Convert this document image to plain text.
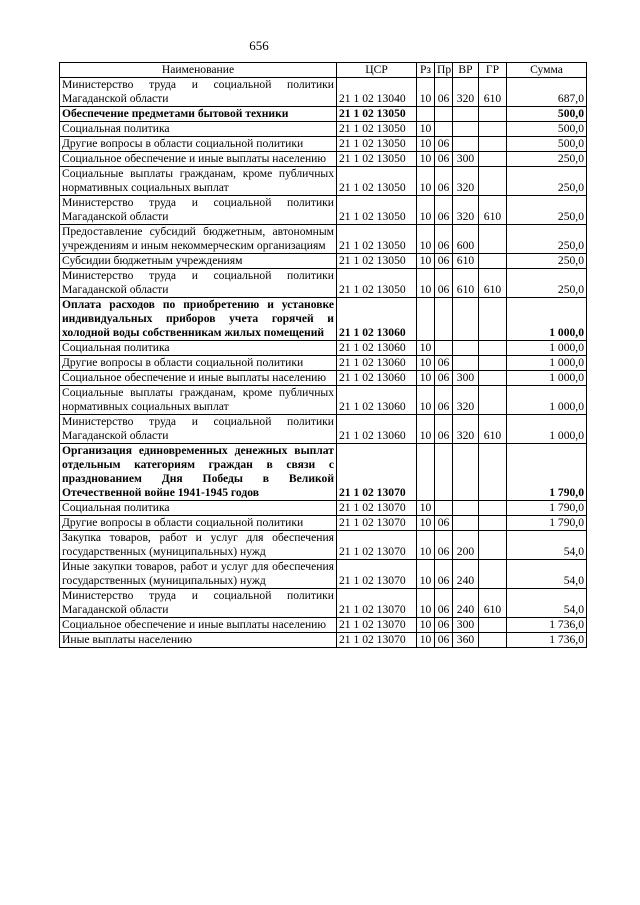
656
Наименование	ЦСР	Рз	Пр	ВР	ГР	Сумма
Министерство труда и социальной политики Магаданской области	21 1 02 13040	10	06	320	610	687,0
Обеспечение предметами бытовой техники	21 1 02 13050					500,0
Социальная политика	21 1 02 13050	10				500,0
Другие вопросы в области социальной политики	21 1 02 13050	10	06			500,0
Социальное обеспечение и иные выплаты населению	21 1 02 13050	10	06	300		250,0
Социальные выплаты гражданам, кроме публичных нормативных социальных выплат	21 1 02 13050	10	06	320		250,0
Министерство труда и социальной политики Магаданской области	21 1 02 13050	10	06	320	610	250,0
Предоставление субсидий бюджетным, автономным учреждениям и иным некоммерческим организациям	21 1 02 13050	10	06	600		250,0
Субсидии бюджетным учреждениям	21 1 02 13050	10	06	610		250,0
Министерство труда и социальной политики Магаданской области	21 1 02 13050	10	06	610	610	250,0
Оплата расходов по приобретению и установке индивидуальных приборов учета горячей и холодной воды собственникам жилых помещений	21 1 02 13060					1 000,0
Социальная политика	21 1 02 13060	10				1 000,0
Другие вопросы в области социальной политики	21 1 02 13060	10	06			1 000,0
Социальное обеспечение и иные выплаты населению	21 1 02 13060	10	06	300		1 000,0
Социальные выплаты гражданам, кроме публичных нормативных социальных выплат	21 1 02 13060	10	06	320		1 000,0
Министерство труда и социальной политики Магаданской области	21 1 02 13060	10	06	320	610	1 000,0
Организация единовременных денежных выплат отдельным категориям граждан в связи с празднованием Дня Победы в Великой Отечественной войне 1941-1945 годов	21 1 02 13070					1 790,0
Социальная политика	21 1 02 13070	10				1 790,0
Другие вопросы в области социальной политики	21 1 02 13070	10	06			1 790,0
Закупка товаров, работ и услуг для обеспечения государственных (муниципальных) нужд	21 1 02 13070	10	06	200		54,0
Иные закупки товаров, работ и услуг для обеспечения государственных (муниципальных) нужд	21 1 02 13070	10	06	240		54,0
Министерство труда и социальной политики Магаданской области	21 1 02 13070	10	06	240	610	54,0
Социальное обеспечение и иные выплаты населению	21 1 02 13070	10	06	300		1 736,0
Иные выплаты населению	21 1 02 13070	10	06	360		1 736,0
